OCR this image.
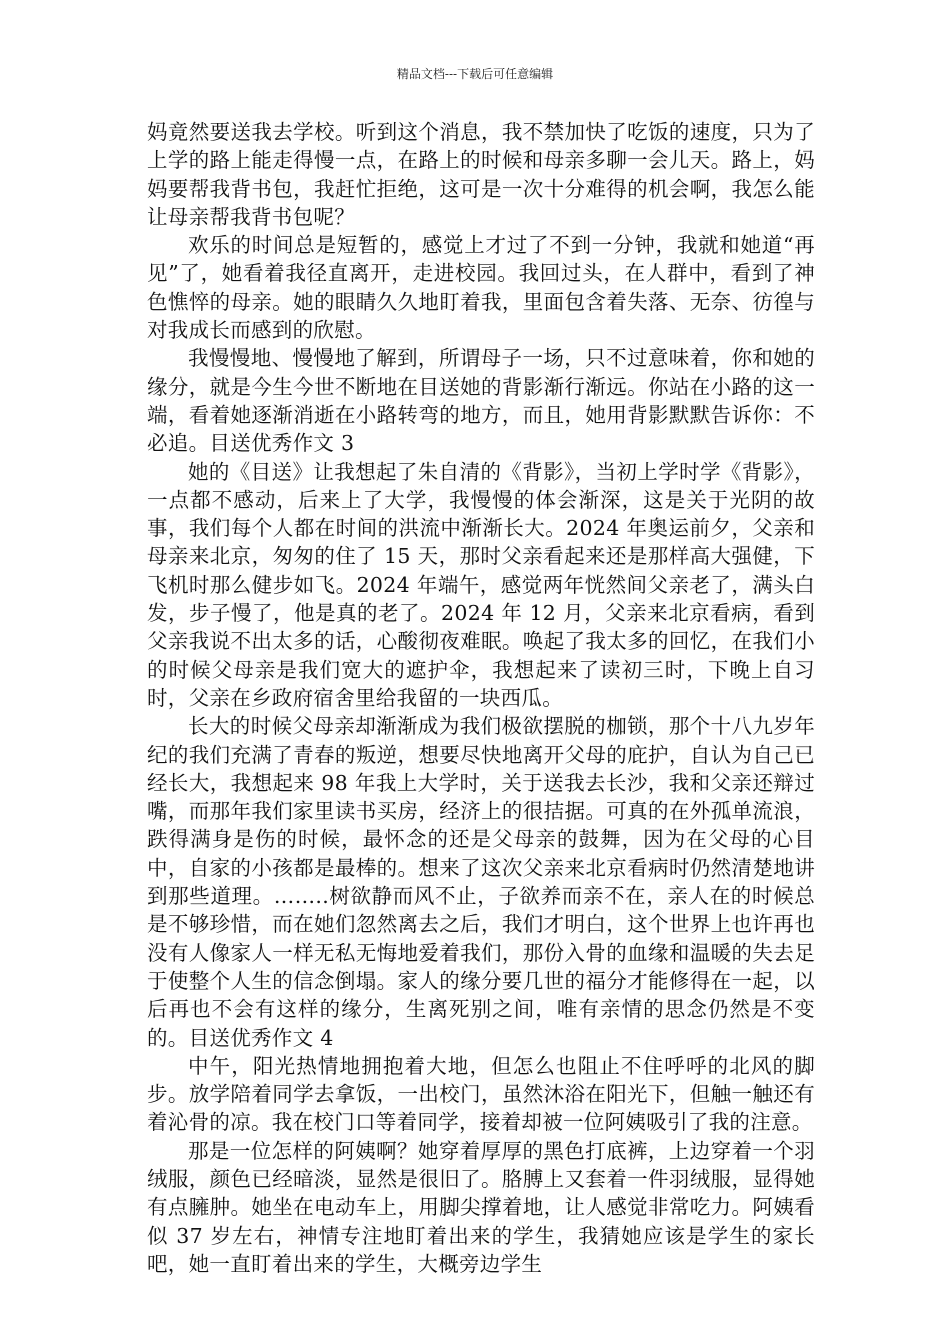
精品文档---下载后可任意编辑

妈竟然要送我去学校。听到这个消息，我不禁加快了吃饭的速度，只为了上学的路上能走得慢一点，在路上的时候和母亲多聊一会儿天。路上，妈妈要帮我背书包，我赶忙拒绝，这可是一次十分难得的机会啊，我怎么能让母亲帮我背书包呢？

欢乐的时间总是短暂的，感觉上才过了不到一分钟，我就和她道“再见”了，她看着我径直离开，走进校园。我回过头，在人群中，看到了神色憔悴的母亲。她的眼睛久久地盯着我，里面包含着失落、无奈、彷徨与对我成长而感到的欣慰。

我慢慢地、慢慢地了解到，所谓母子一场，只不过意味着，你和她的缘分，就是今生今世不断地在目送她的背影渐行渐远。你站在小路的这一端，看着她逐渐消逝在小路转弯的地方，而且，她用背影默默告诉你：不必追。目送优秀作文 3

她的《目送》让我想起了朱自清的《背影》，当初上学时学《背影》，一点都不感动，后来上了大学，我慢慢的体会渐深，这是关于光阴的故事，我们每个人都在时间的洪流中渐渐长大。2024 年奥运前夕，父亲和母亲来北京，匆匆的住了 15 天，那时父亲看起来还是那样高大强健，下飞机时那么健步如飞。2024 年端午，感觉两年恍然间父亲老了，满头白发，步子慢了，他是真的老了。2024 年 12 月，父亲来北京看病，看到父亲我说不出太多的话，心酸彻夜难眠。唤起了我太多的回忆，在我们小的时候父母亲是我们宽大的遮护伞，我想起来了读初三时，下晚上自习时，父亲在乡政府宿舍里给我留的一块西瓜。

长大的时候父母亲却渐渐成为我们极欲摆脱的枷锁，那个十八九岁年纪的我们充满了青春的叛逆，想要尽快地离开父母的庇护，自认为自己已经长大，我想起来 98 年我上大学时，关于送我去长沙，我和父亲还辩过嘴，而那年我们家里读书买房，经济上的很拮据。可真的在外孤单流浪，跌得满身是伤的时候，最怀念的还是父母亲的鼓舞，因为在父母的心目中，自家的小孩都是最棒的。想来了这次父亲来北京看病时仍然清楚地讲到那些道理。……..树欲静而风不止，子欲养而亲不在，亲人在的时候总是不够珍惜，而在她们忽然离去之后，我们才明白，这个世界上也许再也没有人像家人一样无私无悔地爱着我们，那份入骨的血缘和温暖的失去足于使整个人生的信念倒塌。家人的缘分要几世的福分才能修得在一起，以后再也不会有这样的缘分，生离死别之间，唯有亲情的思念仍然是不变的。目送优秀作文 4

中午，阳光热情地拥抱着大地，但怎么也阻止不住呼呼的北风的脚步。放学陪着同学去拿饭，一出校门，虽然沐浴在阳光下，但触一触还有着沁骨的凉。我在校门口等着同学，接着却被一位阿姨吸引了我的注意。

那是一位怎样的阿姨啊？她穿着厚厚的黑色打底裤，上边穿着一个羽绒服，颜色已经暗淡，显然是很旧了。胳膊上又套着一件羽绒服，显得她有点臃肿。她坐在电动车上，用脚尖撑着地，让人感觉非常吃力。阿姨看似 37 岁左右，神情专注地盯着出来的学生，我猜她应该是学生的家长吧，她一直盯着出来的学生，大概旁边学生
